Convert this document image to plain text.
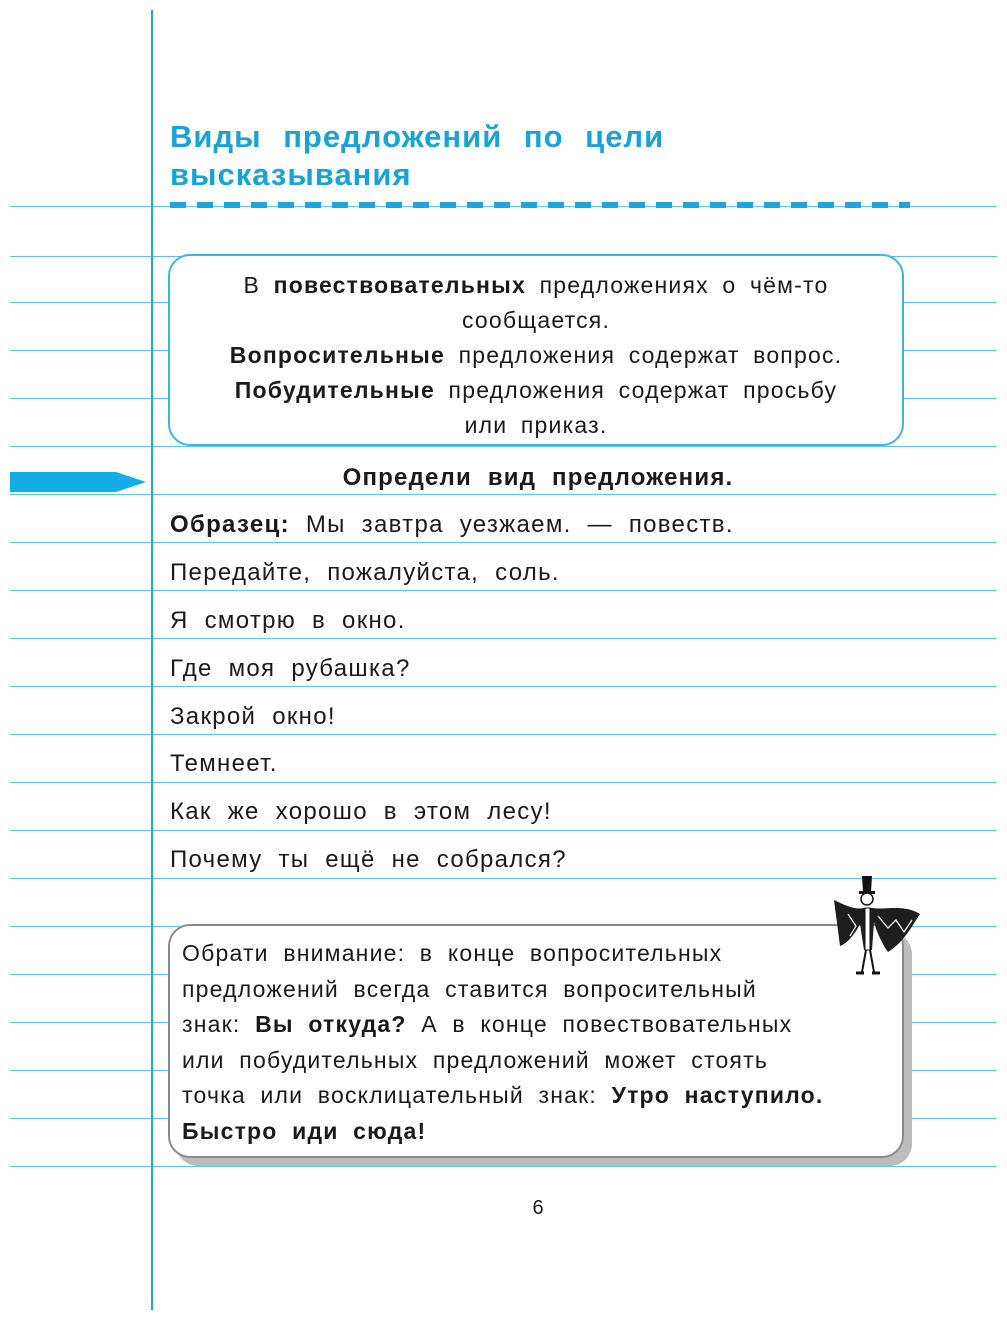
Виды предложений по цели
высказывания

В повествовательных предложениях о чём-то

сообщается.

Вопросительные предложения содержат вопрос.

Побудительные предложения содержат просьбу

или приказ.

Определи вид предложения.
Образец: Мы завтра уезжаем. — повеств.
Передайте, пожалуйста, соль.
Я смотрю в окно.
Где моя рубашка?
Закрой окно!
Темнеет.
Как же хорошо в этом лесу!
Почему ты ещё не собрался?

Обрати внимание: в конце вопросительных

предложений всегда ставится вопросительный

знак: Вы откуда? А в конце повествовательных

или побудительных предложений может стоять

точка или восклицательный знак: Утро наступило.

Быстро иди сюда!

6
